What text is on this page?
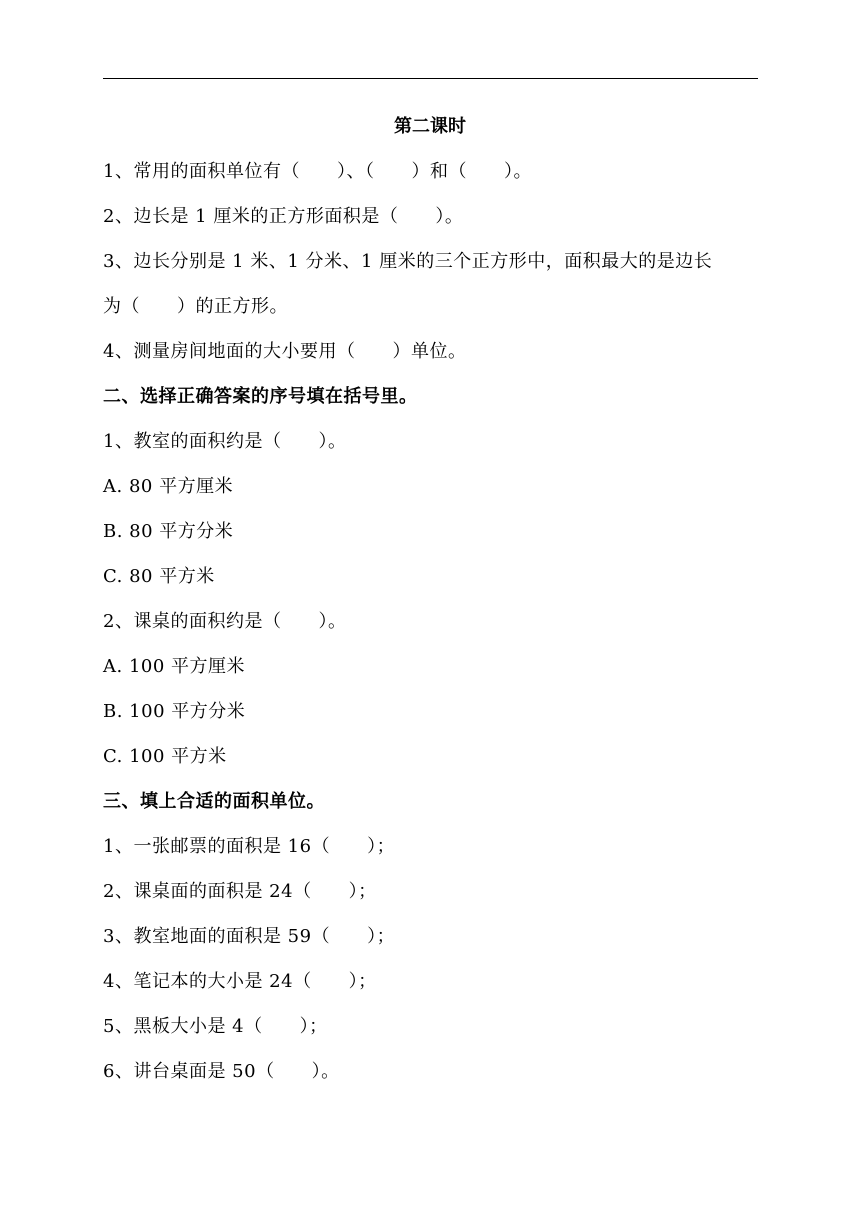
第二课时
1、常用的面积单位有（　　）、（　　）和（　　）。
2、边长是 1 厘米的正方形面积是（　　）。
3、边长分别是 1 米、1 分米、1 厘米的三个正方形中，面积最大的是边长
为（　　）的正方形。
4、测量房间地面的大小要用（　　）单位。
二、选择正确答案的序号填在括号里。
1、教室的面积约是（　　）。
A. 80 平方厘米
B. 80 平方分米
C. 80 平方米
2、课桌的面积约是（　　）。
A. 100 平方厘米
B. 100 平方分米
C. 100 平方米
三、填上合适的面积单位。
1、一张邮票的面积是 16（　　）；
2、课桌面的面积是 24（　　）；
3、教室地面的面积是 59（　　）；
4、笔记本的大小是 24（　　）；
5、黑板大小是 4（　　）；
6、讲台桌面是 50（　　）。
